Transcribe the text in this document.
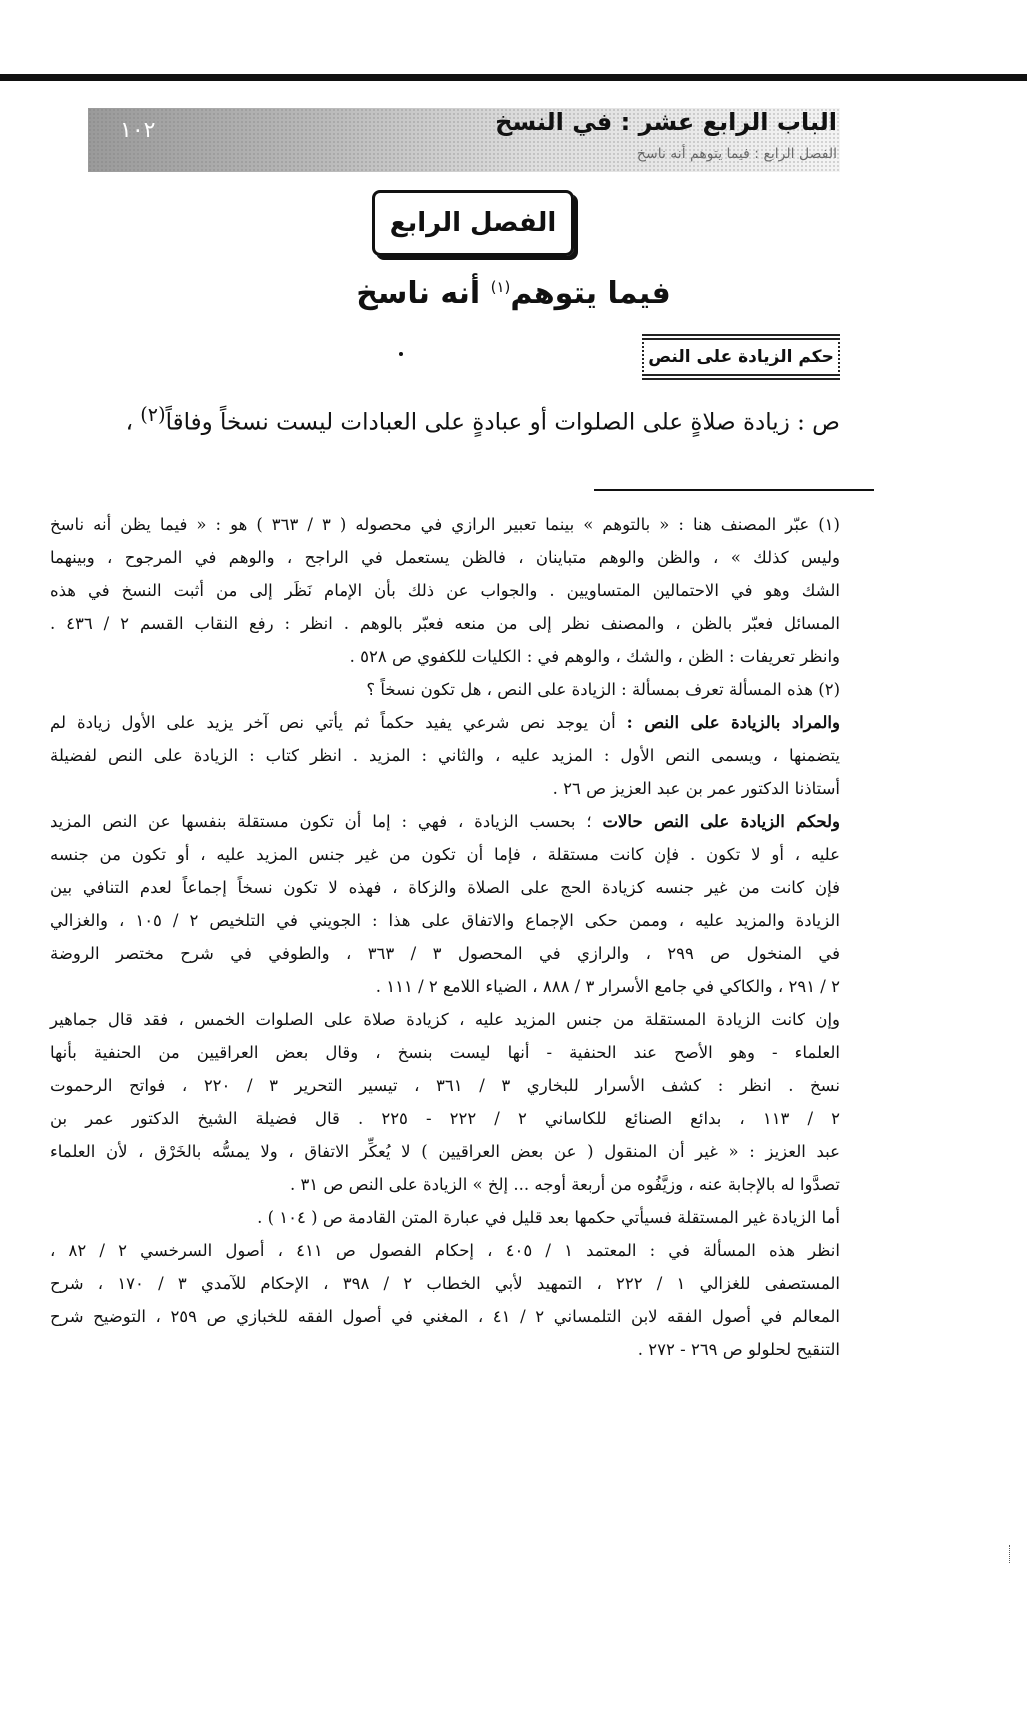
١٠٢	الباب الرابع عشر : في النسخ
الفصل الرابع : فيما يتوهم أنه ناسخ
الفصل الرابع
فيما يتوهم$^{(١)}$ أنه ناسخ
حكم الزيادة على النص
ص : زيادة صلاةٍ على الصلوات أو عبادةٍ على العبادات ليست نسخاً وفاقاً$^{(٢)}$ ،
(١) عبّر المصنف هنا : « بالتوهم » بينما تعبير الرازي في محصوله ( ٣ / ٣٦٣ ) هو : « فيما يظن أنه ناسخ
وليس كذلك » ، والظن والوهم متباينان ، فالظن يستعمل في الراجح ، والوهم في المرجوح ، وبينهما
الشك وهو في الاحتمالين المتساويين . والجواب عن ذلك بأن الإمام نَظَر إلى من أثبت النسخ في هذه
المسائل فعبّر بالظن ، والمصنف نظر إلى من منعه فعبّر بالوهم . انظر : رفع النقاب القسم ٢ / ٤٣٦ .
وانظر تعريفات : الظن ، والشك ، والوهم في : الكليات للكفوي ص ٥٢٨ .
(٢) هذه المسألة تعرف بمسألة : الزيادة على النص ، هل تكون نسخاً ؟
والمراد بالزيادة على النص : أن يوجد نص شرعي يفيد حكماً ثم يأتي نص آخر يزيد على الأول زيادة لم
يتضمنها ، ويسمى النص الأول : المزيد عليه ، والثاني : المزيد . انظر كتاب : الزيادة على النص لفضيلة
أستاذنا الدكتور عمر بن عبد العزيز ص ٢٦ .
ولحكم الزيادة على النص حالات ؛ بحسب الزيادة ، فهي : إما أن تكون مستقلة بنفسها عن النص المزيد
عليه ، أو لا تكون . فإن كانت مستقلة ، فإما أن تكون من غير جنس المزيد عليه ، أو تكون من جنسه
فإن كانت من غير جنسه كزيادة الحج على الصلاة والزكاة ، فهذه لا تكون نسخاً إجماعاً لعدم التنافي بين
الزيادة والمزيد عليه ، وممن حكى الإجماع والاتفاق على هذا : الجويني في التلخيص ٢ / ١٠٥ ، والغزالي
في المنخول ص ٢٩٩ ، والرازي في المحصول ٣ / ٣٦٣ ، والطوفي في شرح مختصر الروضة
٢ / ٢٩١ ، والكاكي في جامع الأسرار ٣ / ٨٨٨ ، الضياء اللامع ٢ / ١١١ .
وإن كانت الزيادة المستقلة من جنس المزيد عليه ، كزيادة صلاة على الصلوات الخمس ، فقد قال جماهير
العلماء - وهو الأصح عند الحنفية - أنها ليست بنسخ ، وقال بعض العراقيين من الحنفية بأنها
نسخ . انظر : كشف الأسرار للبخاري ٣ / ٣٦١ ، تيسير التحرير ٣ / ٢٢٠ ، فواتح الرحموت
٢ / ١١٣ ، بدائع الصنائع للكاساني ٢ / ٢٢٢ - ٢٢٥ . قال فضيلة الشيخ الدكتور عمر بن
عبد العزيز : « غير أن المنقول ( عن بعض العراقيين ) لا يُعكِّر الاتفاق ، ولا يمسُّه بالخَرْق ، لأن العلماء
تصدَّوا له بالإجابة عنه ، وزيَّفُوه من أربعة أوجه ... إلخ » الزيادة على النص ص ٣١ .
أما الزيادة غير المستقلة فسيأتي حكمها بعد قليل في عبارة المتن القادمة ص ( ١٠٤ ) .
انظر هذه المسألة في : المعتمد ١ / ٤٠٥ ، إحكام الفصول ص ٤١١ ، أصول السرخسي ٢ / ٨٢ ،
المستصفى للغزالي ١ / ٢٢٢ ، التمهيد لأبي الخطاب ٢ / ٣٩٨ ، الإحكام للآمدي ٣ / ١٧٠ ، شرح
المعالم في أصول الفقه لابن التلمساني ٢ / ٤١ ، المغني في أصول الفقه للخبازي ص ٢٥٩ ، التوضيح شرح
التنقيح لحلولو ص ٢٦٩ - ٢٧٢ .
